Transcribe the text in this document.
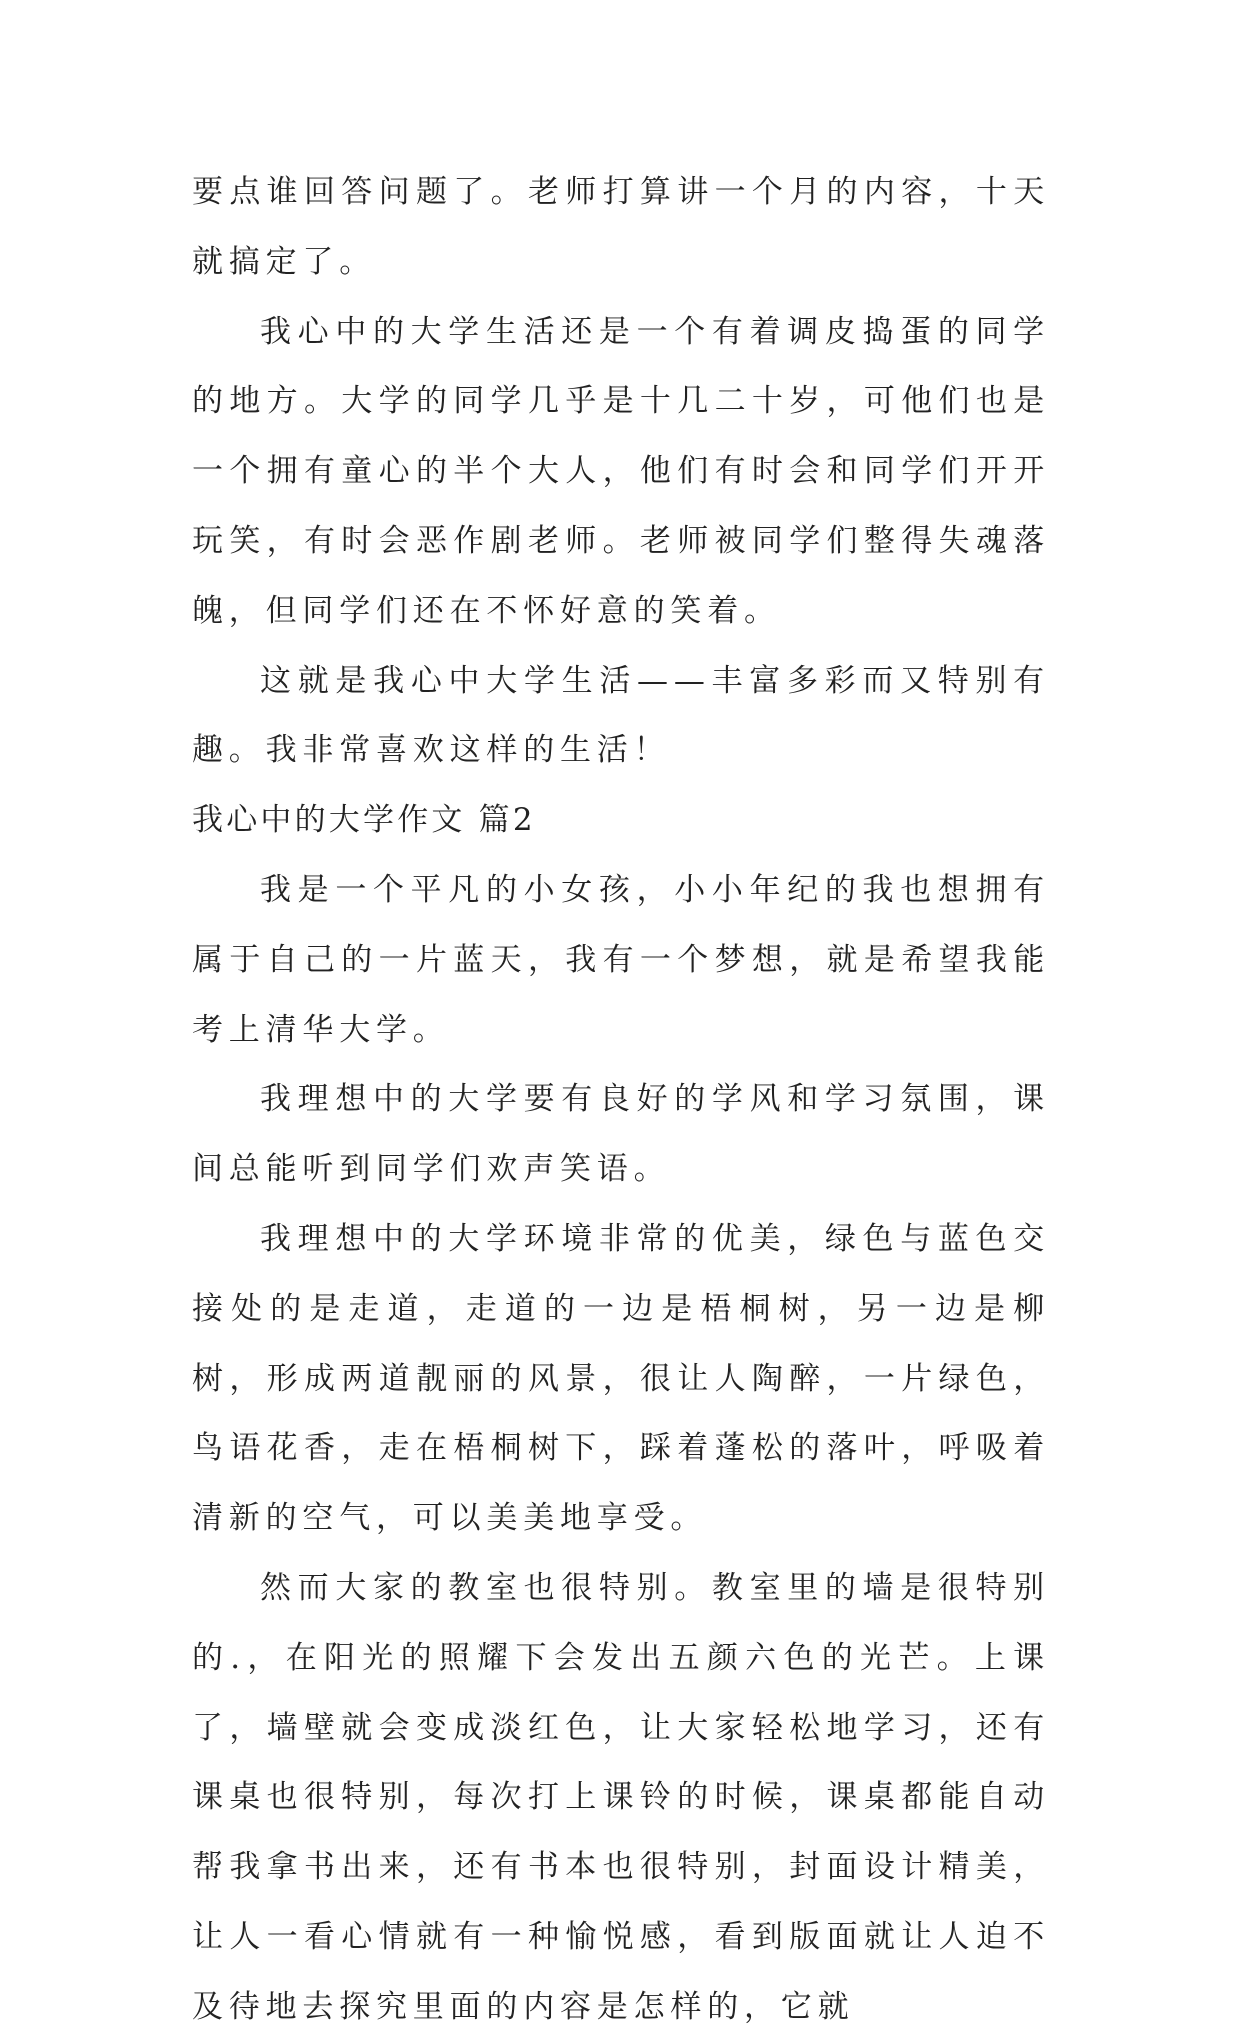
要点谁回答问题了。老师打算讲一个月的内容，十天就搞定了。

我心中的大学生活还是一个有着调皮捣蛋的同学的地方。大学的同学几乎是十几二十岁，可他们也是一个拥有童心的半个大人，他们有时会和同学们开开玩笑，有时会恶作剧老师。老师被同学们整得失魂落魄，但同学们还在不怀好意的笑着。

这就是我心中大学生活——丰富多彩而又特别有趣。我非常喜欢这样的生活！

我心中的大学作文 篇2

我是一个平凡的小女孩，小小年纪的我也想拥有属于自己的一片蓝天，我有一个梦想，就是希望我能考上清华大学。

我理想中的大学要有良好的学风和学习氛围，课间总能听到同学们欢声笑语。

我理想中的大学环境非常的优美，绿色与蓝色交接处的是走道，走道的一边是梧桐树，另一边是柳树，形成两道靓丽的风景，很让人陶醉，一片绿色，鸟语花香，走在梧桐树下，踩着蓬松的落叶，呼吸着清新的空气，可以美美地享受。

然而大家的教室也很特别。教室里的墙是很特别的.，在阳光的照耀下会发出五颜六色的光芒。上课了，墙壁就会变成淡红色，让大家轻松地学习，还有课桌也很特别，每次打上课铃的时候，课桌都能自动帮我拿书出来，还有书本也很特别，封面设计精美，让人一看心情就有一种愉悦感，看到版面就让人迫不及待地去探究里面的内容是怎样的，它就
